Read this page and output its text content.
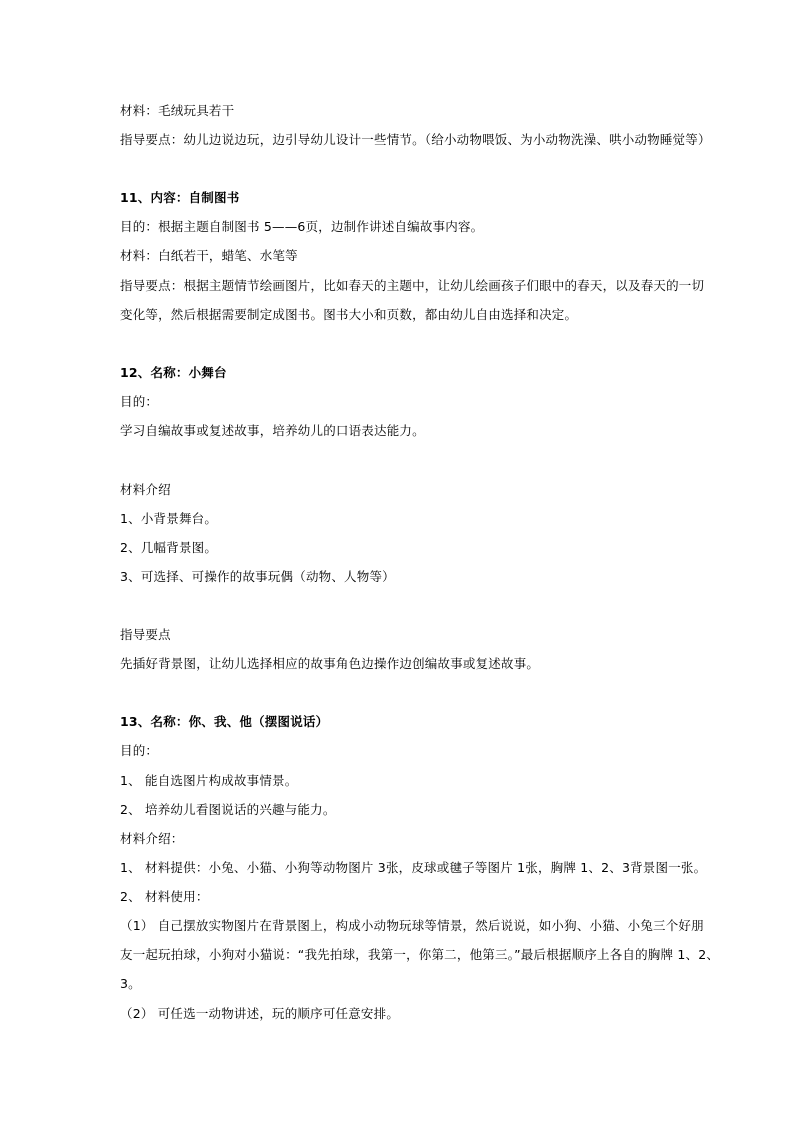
材料：毛绒玩具若干
指导要点：幼儿边说边玩，边引导幼儿设计一些情节。（给小动物喂饭、为小动物洗澡、哄小动物睡觉等）
11、内容：自制图书
目的：根据主题自制图书 5——6页，边制作讲述自编故事内容。
材料：白纸若干，蜡笔、水笔等
指导要点：根据主题情节绘画图片，比如春天的主题中，让幼儿绘画孩子们眼中的春天，以及春天的一切
变化等，然后根据需要制定成图书。图书大小和页数，都由幼儿自由选择和决定。
12、名称：小舞台
目的：
学习自编故事或复述故事，培养幼儿的口语表达能力。
材料介绍
1、小背景舞台。
2、几幅背景图。
3、可选择、可操作的故事玩偶（动物、人物等）
指导要点
先插好背景图，让幼儿选择相应的故事角色边操作边创编故事或复述故事。
13、名称：你、我、他（摆图说话）
目的：
1、 能自选图片构成故事情景。
2、 培养幼儿看图说话的兴趣与能力。
材料介绍：
1、 材料提供：小兔、小猫、小狗等动物图片 3张，皮球或毽子等图片 1张，胸牌 1、2、3背景图一张。
2、 材料使用：
（1） 自己摆放实物图片在背景图上，构成小动物玩球等情景，然后说说，如小狗、小猫、小兔三个好朋
友一起玩拍球，小狗对小猫说：“我先拍球，我第一，你第二，他第三。”最后根据顺序上各自的胸牌 1、2、
3。
（2） 可任选一动物讲述，玩的顺序可任意安排。
